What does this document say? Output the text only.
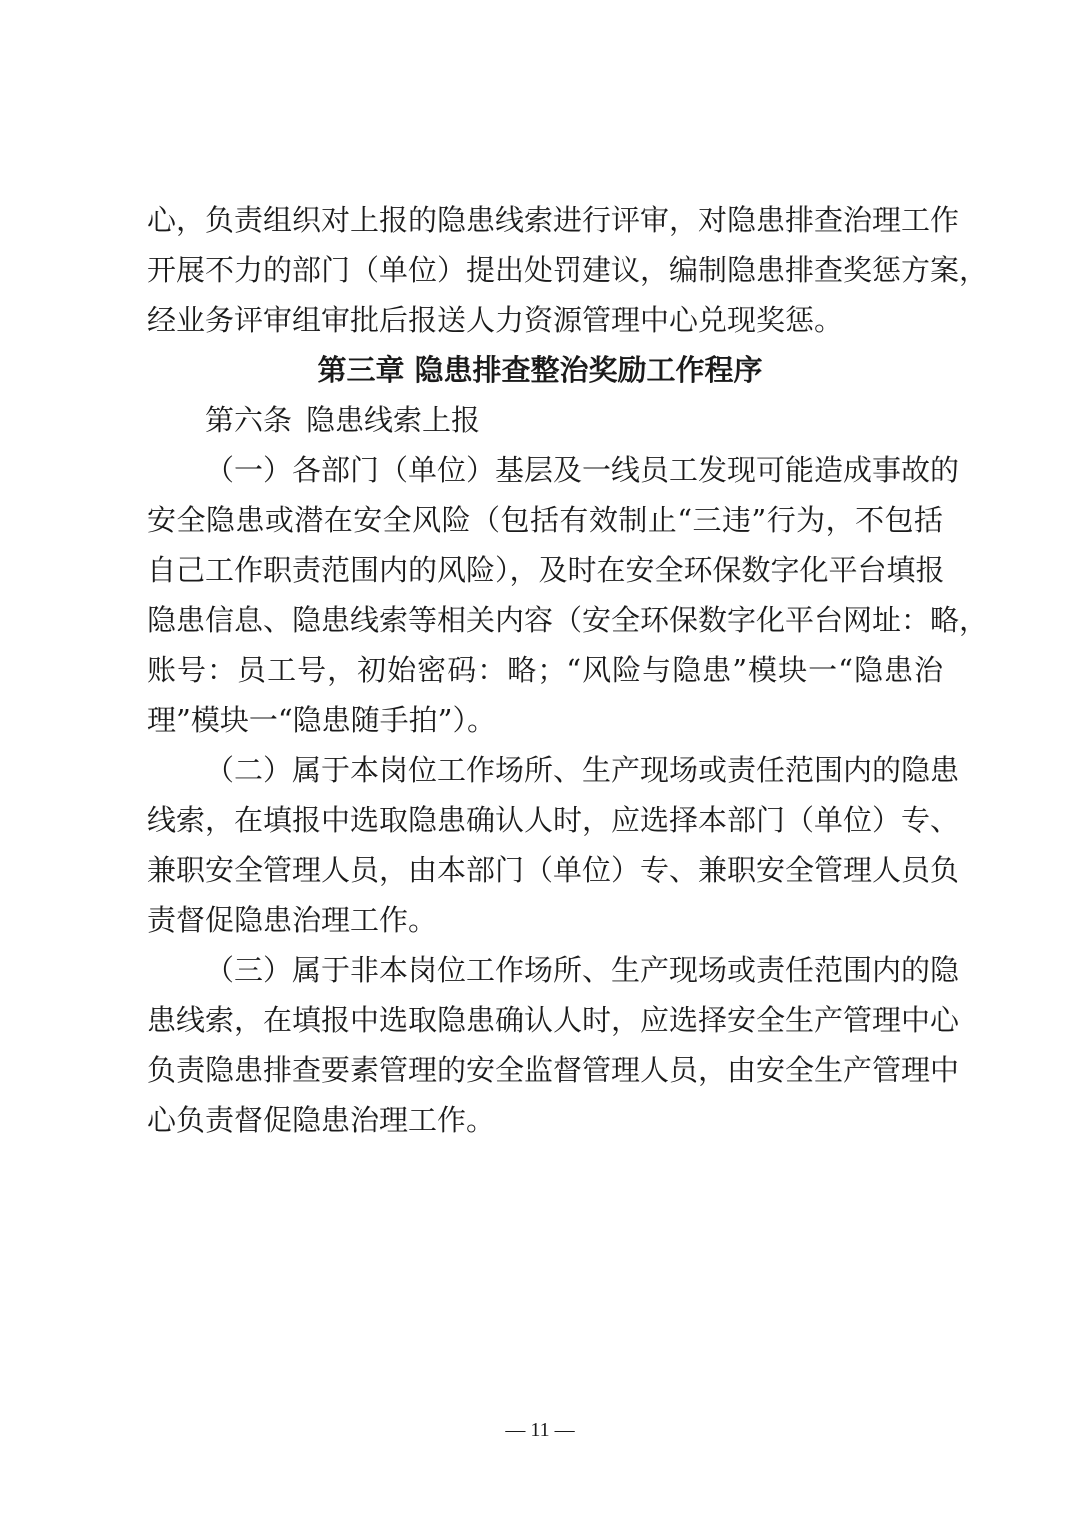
心，负责组织对上报的隐患线索进行评审，对隐患排查治理工作
开展不力的部门（单位）提出处罚建议，编制隐患排查奖惩方案，
经业务评审组审批后报送人力资源管理中心兑现奖惩。
第三章 隐患排查整治奖励工作程序
第六条 隐患线索上报
（一）各部门（单位）基层及一线员工发现可能造成事故的
安全隐患或潜在安全风险（包括有效制止“三违”行为，不包括
自己工作职责范围内的风险），及时在安全环保数字化平台填报
隐患信息、隐患线索等相关内容（安全环保数字化平台网址：略，
账号：员工号，初始密码：略；“风险与隐患”模块一“隐患治
理”模块一“隐患随手拍”）。
（二）属于本岗位工作场所、生产现场或责任范围内的隐患
线索，在填报中选取隐患确认人时，应选择本部门（单位）专、
兼职安全管理人员，由本部门（单位）专、兼职安全管理人员负
责督促隐患治理工作。
（三）属于非本岗位工作场所、生产现场或责任范围内的隐
患线索，在填报中选取隐患确认人时，应选择安全生产管理中心
负责隐患排查要素管理的安全监督管理人员，由安全生产管理中
心负责督促隐患治理工作。
— 11 —
